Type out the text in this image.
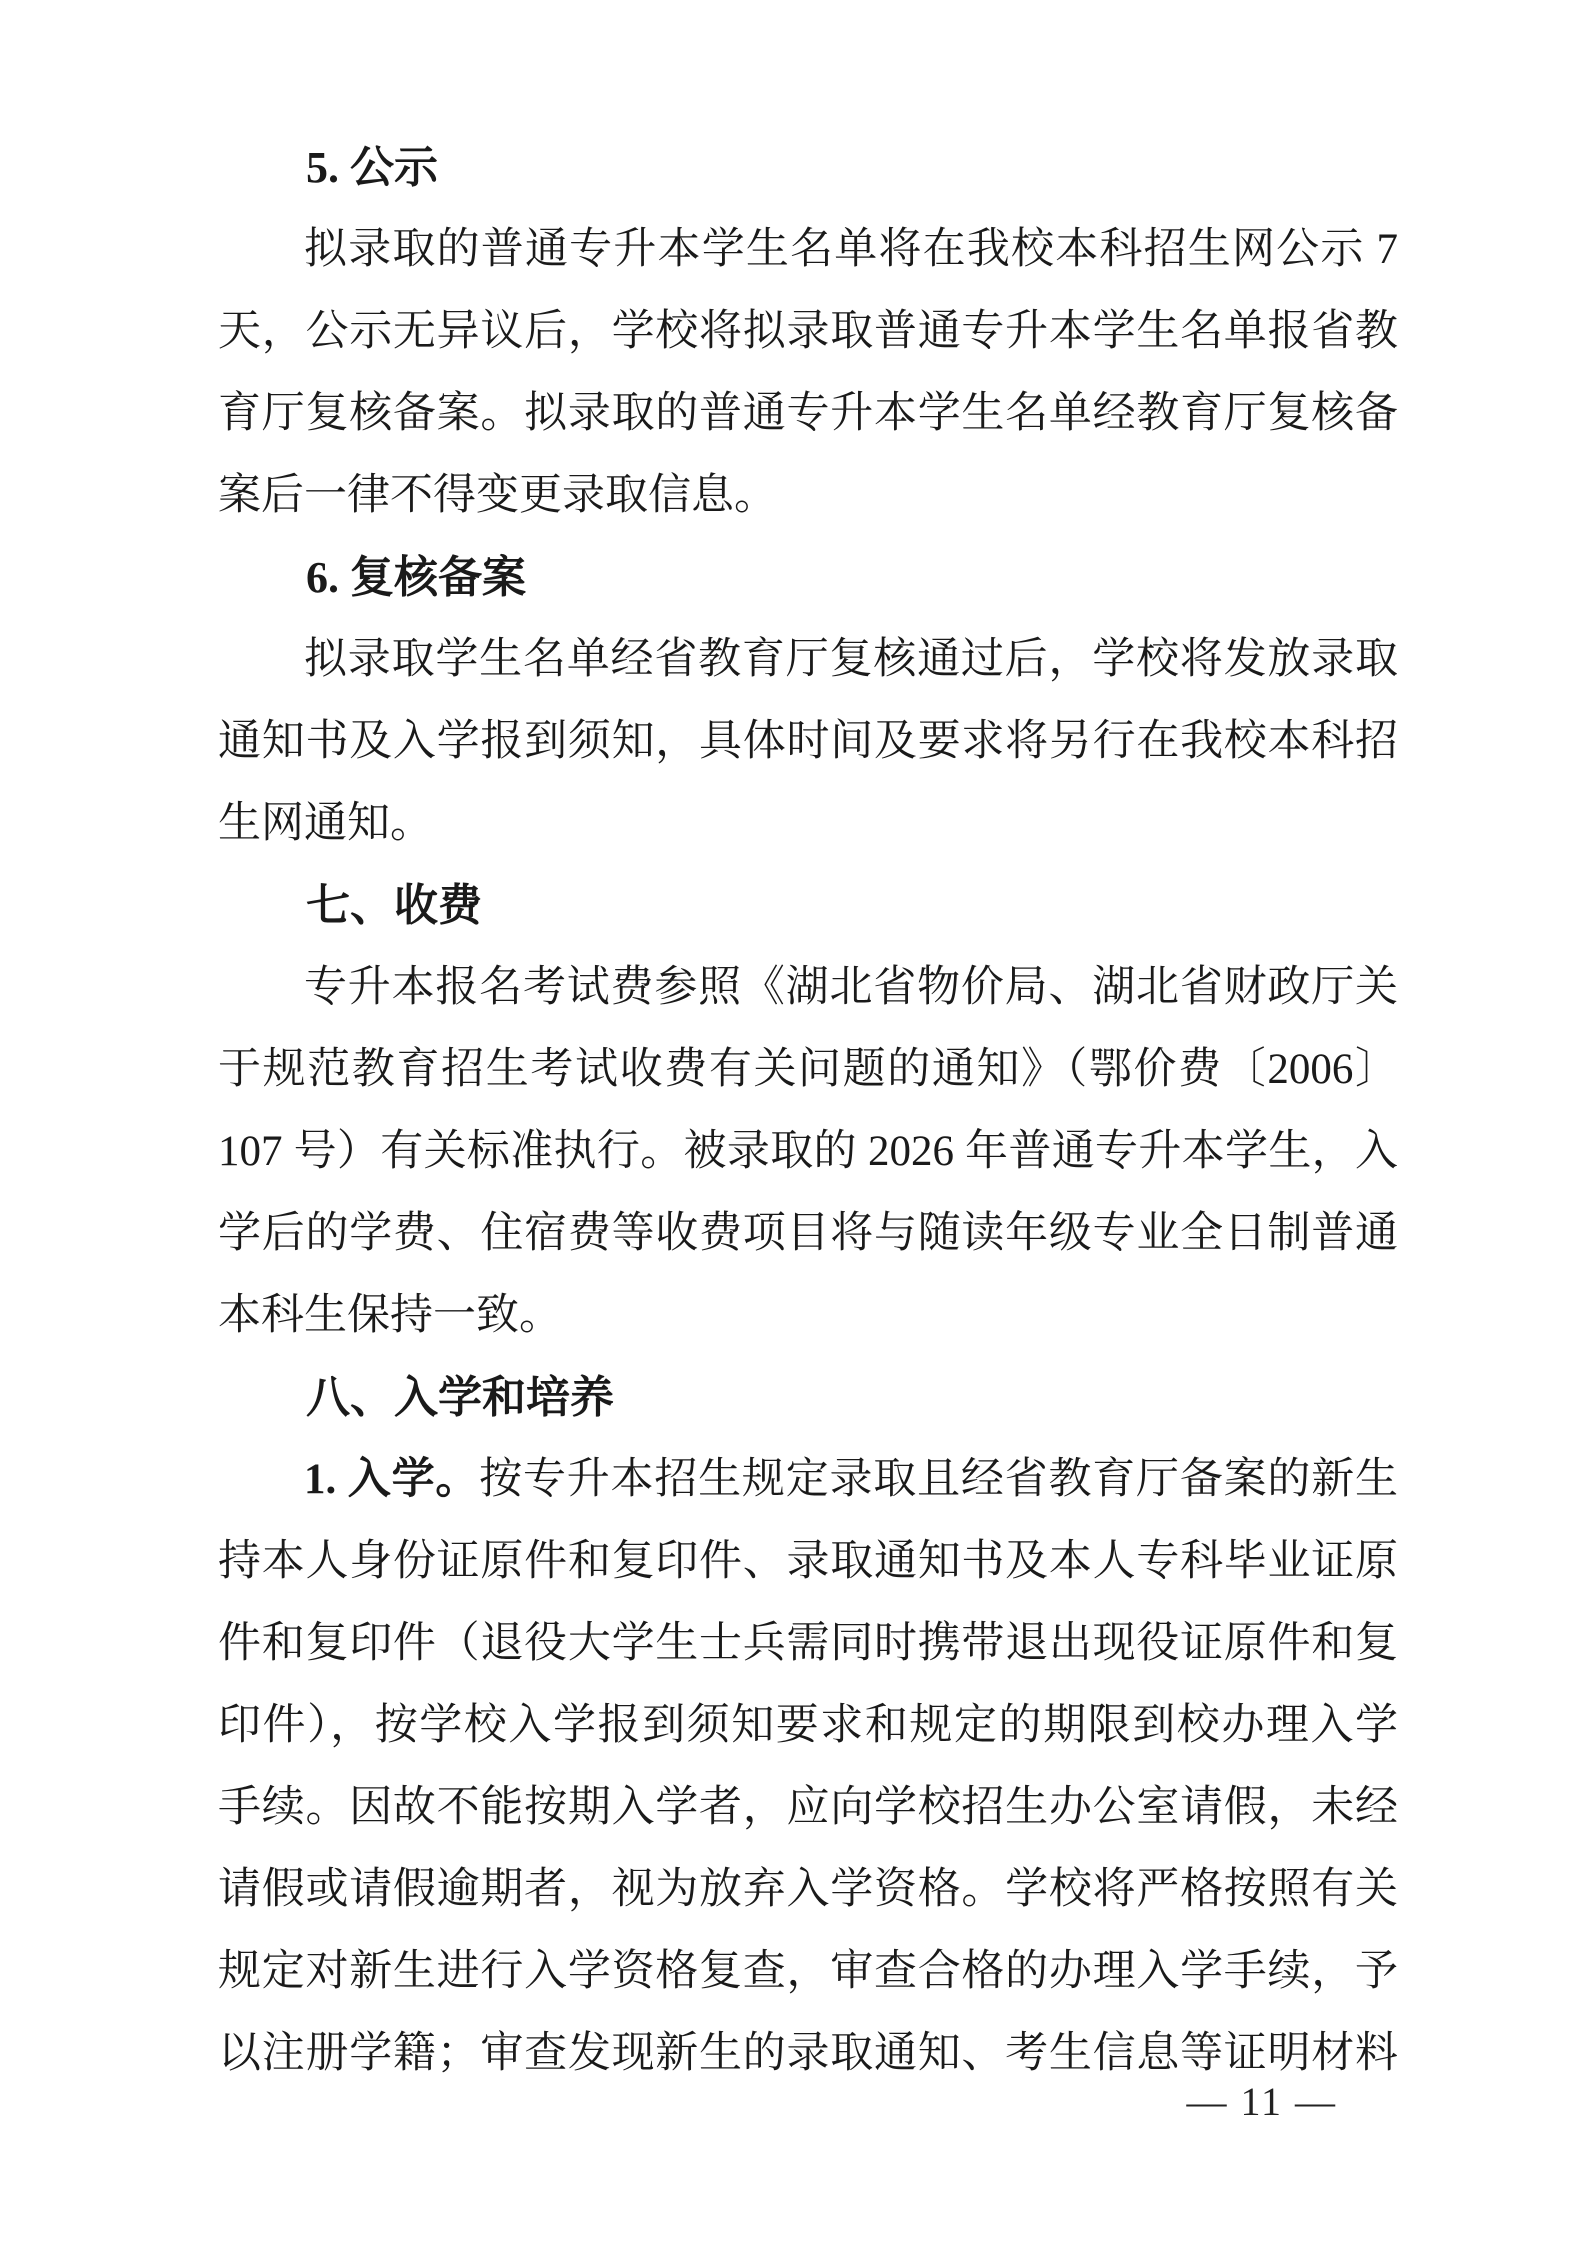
5. 公示
拟录取的普通专升本学生名单将在我校本科招生网公示 7
天，公示无异议后，学校将拟录取普通专升本学生名单报省教
育厅复核备案。拟录取的普通专升本学生名单经教育厅复核备
案后一律不得变更录取信息。
6. 复核备案
拟录取学生名单经省教育厅复核通过后，学校将发放录取
通知书及入学报到须知，具体时间及要求将另行在我校本科招
生网通知。
七、收费
专升本报名考试费参照《湖北省物价局、湖北省财政厅关
于规范教育招生考试收费有关问题的通知》（鄂价费〔2006〕
107 号）有关标准执行。被录取的 2026 年普通专升本学生，入
学后的学费、住宿费等收费项目将与随读年级专业全日制普通
本科生保持一致。
八、入学和培养
1. 入学。按专升本招生规定录取且经省教育厅备案的新生
持本人身份证原件和复印件、录取通知书及本人专科毕业证原
件和复印件（退役大学生士兵需同时携带退出现役证原件和复
印件），按学校入学报到须知要求和规定的期限到校办理入学
手续。因故不能按期入学者，应向学校招生办公室请假，未经
请假或请假逾期者，视为放弃入学资格。学校将严格按照有关
规定对新生进行入学资格复查，审查合格的办理入学手续，予
以注册学籍；审查发现新生的录取通知、考生信息等证明材料
— 11 —
